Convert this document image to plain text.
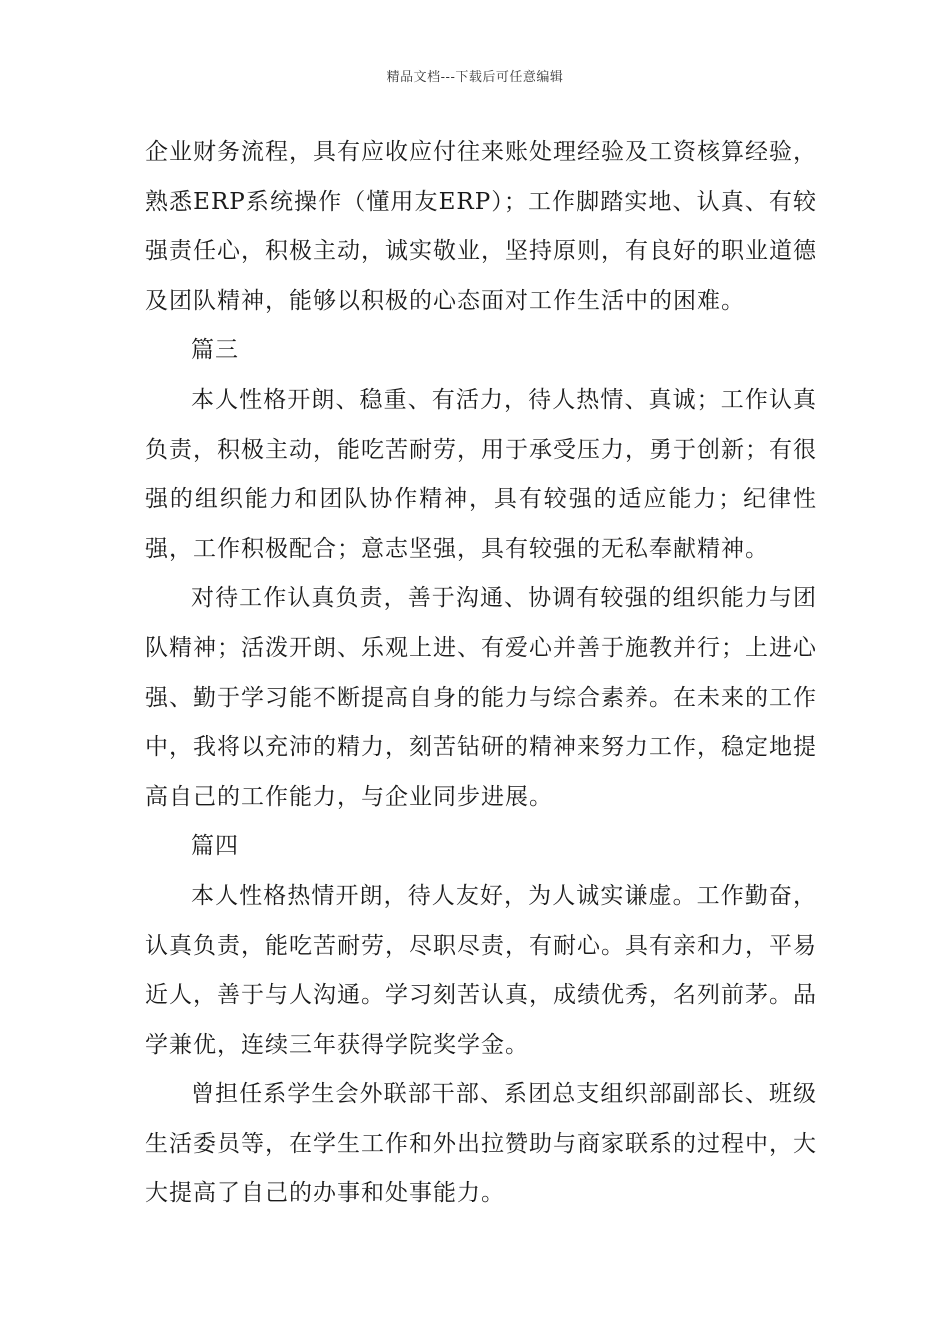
精品文档---下载后可任意编辑

企业财务流程，具有应收应付往来账处理经验及工资核算经验，熟悉ERP系统操作（懂用友ERP）；工作脚踏实地、认真、有较强责任心，积极主动，诚实敬业，坚持原则，有良好的职业道德及团队精神，能够以积极的心态面对工作生活中的困难。

篇三

本人性格开朗、稳重、有活力，待人热情、真诚；工作认真负责，积极主动，能吃苦耐劳，用于承受压力，勇于创新；有很强的组织能力和团队协作精神，具有较强的适应能力；纪律性强，工作积极配合；意志坚强，具有较强的无私奉献精神。

对待工作认真负责，善于沟通、协调有较强的组织能力与团队精神；活泼开朗、乐观上进、有爱心并善于施教并行；上进心强、勤于学习能不断提高自身的能力与综合素养。在未来的工作中，我将以充沛的精力，刻苦钻研的精神来努力工作，稳定地提高自己的工作能力，与企业同步进展。

篇四

本人性格热情开朗，待人友好，为人诚实谦虚。工作勤奋，认真负责，能吃苦耐劳，尽职尽责，有耐心。具有亲和力，平易近人，善于与人沟通。学习刻苦认真，成绩优秀，名列前茅。品学兼优，连续三年获得学院奖学金。

曾担任系学生会外联部干部、系团总支组织部副部长、班级生活委员等，在学生工作和外出拉赞助与商家联系的过程中，大大提高了自己的办事和处事能力。
